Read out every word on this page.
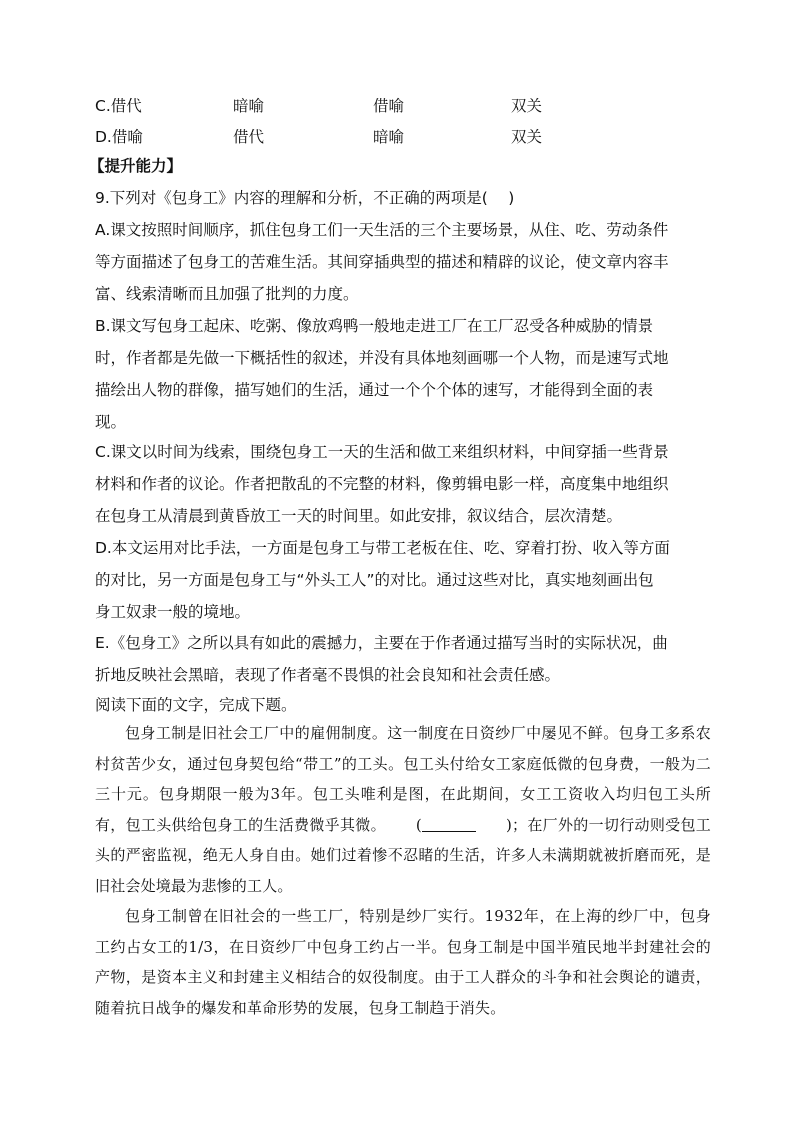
C.借代	暗喻	借喻	双关
D.借喻	借代	暗喻	双关
【提升能力】
9.下列对《包身工》内容的理解和分析，不正确的两项是(　 )
A.课文按照时间顺序，抓住包身工们一天生活的三个主要场景，从住、吃、劳动条件
等方面描述了包身工的苦难生活。其间穿插典型的描述和精辟的议论，使文章内容丰
富、线索清晰而且加强了批判的力度。
B.课文写包身工起床、吃粥、像放鸡鸭一般地走进工厂在工厂忍受各种威胁的情景
时，作者都是先做一下概括性的叙述，并没有具体地刻画哪一个人物，而是速写式地
描绘出人物的群像，描写她们的生活，通过一个个个体的速写，才能得到全面的表
现。
C.课文以时间为线索，围绕包身工一天的生活和做工来组织材料，中间穿插一些背景
材料和作者的议论。作者把散乱的不完整的材料，像剪辑电影一样，高度集中地组织
在包身工从清晨到黄昏放工一天的时间里。如此安排，叙议结合，层次清楚。
D.本文运用对比手法，一方面是包身工与带工老板在住、吃、穿着打扮、收入等方面
的对比，另一方面是包身工与“外头工人”的对比。通过这些对比，真实地刻画出包
身工奴隶一般的境地。
E.《包身工》之所以具有如此的震撼力，主要在于作者通过描写当时的实际状况，曲
折地反映社会黑暗，表现了作者毫不畏惧的社会良知和社会责任感。
阅读下面的文字，完成下题。
包身工制是旧社会工厂中的雇佣制度。这一制度在日资纱厂中屡见不鲜。包身工多系农村贫苦少女，通过包身契包给“带工”的工头。包工头付给女工家庭低微的包身费，一般为二三十元。包身期限一般为3年。包工头唯利是图，在此期间，女工工资收入均归包工头所有，包工头供给包身工的生活费微乎其微。 (	)；在厂外的一切行动则受包工头的严密监视，绝无人身自由。她们过着惨不忍睹的生活，许多人未满期就被折磨而死，是旧社会处境最为悲惨的工人。
包身工制曾在旧社会的一些工厂，特别是纱厂实行。1932年，在上海的纱厂中，包身工约占女工的1/3，在日资纱厂中包身工约占一半。包身工制是中国半殖民地半封建社会的产物，是资本主义和封建主义相结合的奴役制度。由于工人群众的斗争和社会舆论的谴责，随着抗日战争的爆发和革命形势的发展，包身工制趋于消失。
